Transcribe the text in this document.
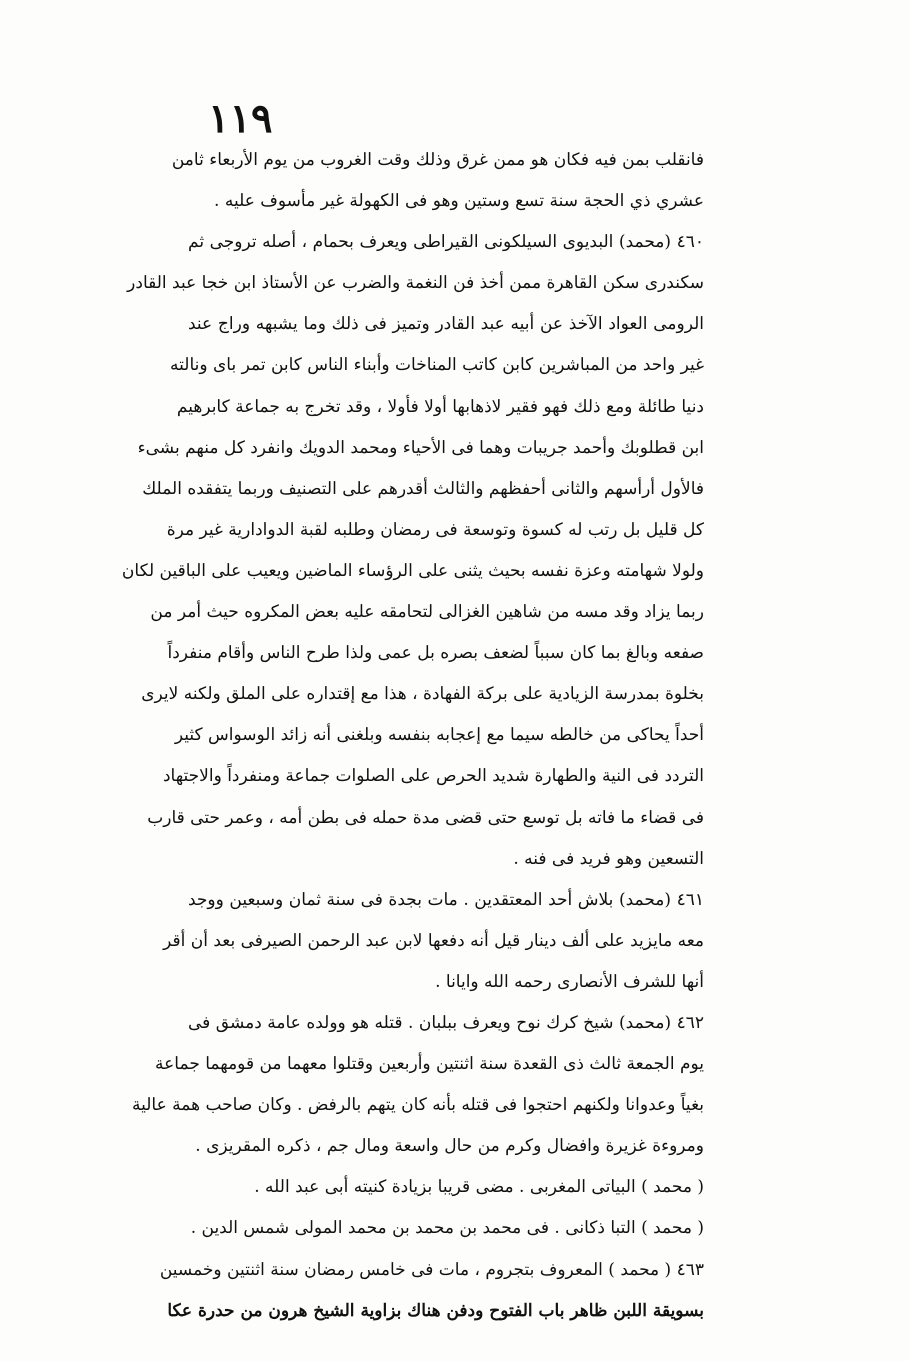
١١٩
فانقلب بمن فيه فكان هو ممن غرق وذلك وقت الغروب من يوم الأربعاء ثامن
عشري ذي الحجة سنة تسع وستين وهو فى الكهولة غير مأسوف عليه .
٤٦٠ (محمد) البديوى السيلكونى القيراطى ويعرف بحمام ، أصله تروجى ثم
سكندرى سكن القاهرة ممن أخذ فن النغمة والضرب عن الأستاذ ابن خجا عبد القادر
الرومى العواد الآخذ عن أبيه عبد القادر وتميز فى ذلك وما يشبهه وراج عند
غير واحد من المباشرين كابن كاتب المناخات وأبناء الناس كابن تمر باى ونالته
دنيا طائلة ومع ذلك فهو فقير لاذهابها أولا فأولا ، وقد تخرج به جماعة كابرهيم
ابن قطلوبك وأحمد جريبات وهما فى الأحياء ومحمد الدويك وانفرد كل منهم بشىء
فالأول أرأسهم والثانى أحفظهم والثالث أقدرهم على التصنيف وربما يتفقده الملك
كل قليل بل رتب له كسوة وتوسعة فى رمضان وطلبه لقبة الدوادارية غير مرة
ولولا شهامته وعزة نفسه بحيث يثنى على الرؤساء الماضين ويعيب على الباقين لكان
ربما يزاد وقد مسه من شاهين الغزالى لتحامقه عليه بعض المكروه حيث أمر من
صفعه وبالغ بما كان سبباً لضعف بصره بل عمى ولذا طرح الناس وأقام منفرداً
بخلوة بمدرسة الزيادية على بركة الفهادة ، هذا مع إقتداره على الملق ولكنه لايرى
أحداً يحاكى من خالطه سيما مع إعجابه بنفسه وبلغنى أنه زائد الوسواس كثير
التردد فى النية والطهارة شديد الحرص على الصلوات جماعة ومنفرداً والاجتهاد
فى قضاء ما فاته بل توسع حتى قضى مدة حمله فى بطن أمه ، وعمر حتى قارب
التسعين وهو فريد فى فنه .
٤٦١ (محمد) بلاش أحد المعتقدين . مات بجدة فى سنة ثمان وسبعين ووجد
معه مايزيد على ألف دينار قيل أنه دفعها لابن عبد الرحمن الصيرفى بعد أن أقر
أنها للشرف الأنصارى رحمه الله وايانا .
٤٦٢ (محمد) شيخ كرك نوح ويعرف ببلبان . قتله هو وولده عامة دمشق فى
يوم الجمعة ثالث ذى القعدة سنة اثنتين وأربعين وقتلوا معهما من قومهما جماعة
بغياً وعدوانا ولكنهم احتجوا فى قتله بأنه كان يتهم بالرفض . وكان صاحب همة عالية
ومروءة غزيرة وافضال وكرم من حال واسعة ومال جم ، ذكره المقريزى .
( محمد ) البياتى المغربى . مضى قريبا بزيادة كنيته أبى عبد الله .
( محمد ) التبا ذكانى . فى محمد بن محمد بن محمد المولى شمس الدين .
٤٦٣ ( محمد ) المعروف بتجروم ، مات فى خامس رمضان سنة اثنتين وخمسين
بسويقة اللبن ظاهر باب الفتوح ودفن هناك بزاوية الشيخ هرون من حدرة عكا
